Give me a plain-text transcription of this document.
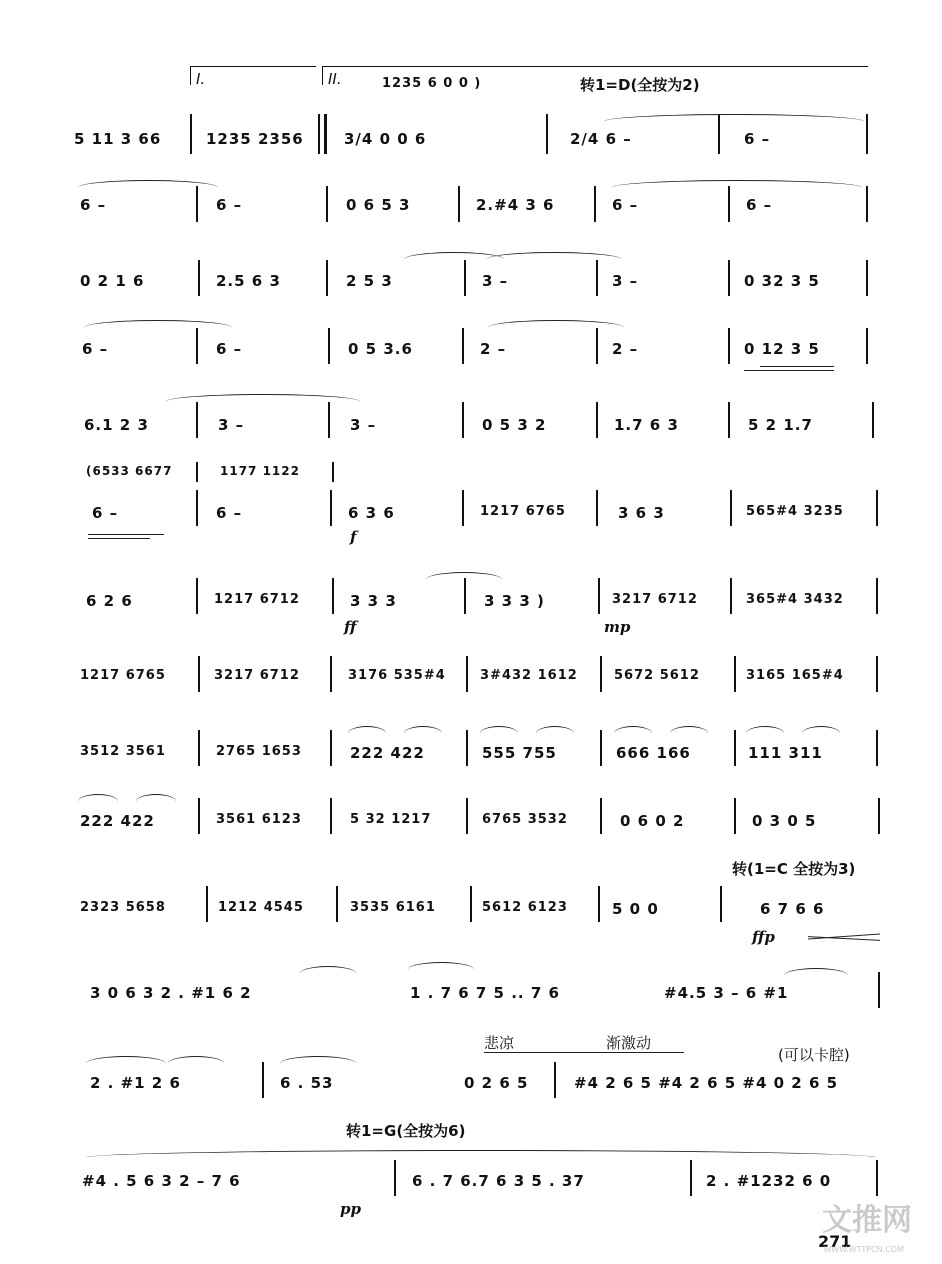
I.	II.	1235 6 0 0 )	转1=D(全按为2)
5 11 3 66	1235 2356	3/4 0 0 6	2/4 6 –	6 –
6 –	6 –	0 6 5 3	2.#4 3 6	6 –	6 –
0 2 1 6	2.5 6 3	2 5 3	3 –	3 –	0 32 3 5
6 –	6 –	0 5 3.6	2 –	2 –	0 12 3 5
6.1 2 3	3 –	3 –	0 5 3 2	1.7 6 3	5 2 1.7
(6533 6677	1177 1122
6 –	6 –	6 3 6	1217 6765	3 6 3	565#4 3235
f
6 2 6	1217 6712	3 3 3	3 3 3 )	3217 6712	365#4 3432
ff	mp
1217 6765	3217 6712	3176 535#4	3#432 1612	5672 5612	3165 165#4
3512 3561	2765 1653	222 422	555 755	666 166	111 311
222 422	3561 6123	5 32 1217	6765 3532	0 6 0 2	0 3 0 5
转(1=C 全按为3)
2323 5658	1212 4545	3535 6161	5612 6123	5 0 0	6 7 6 6
ffp
3 0 6 3 2 . #1 6 2	1 . 7 6 7 5 .. 7 6	#4.5 3 – 6 #1
悲凉	渐激动
(可以卡腔)
2 . #1 2 6	6 . 53	0 2 6 5	#4 2 6 5 #4 2 6 5 #4 0 2 6 5
转1=G(全按为6)
#4 . 5 6 3 2 – 7 6	6 . 7 6.7 6 3 5 . 37	2 . #1232 6 0
pp
271
文推网
WWW.WTTPCN.COM
